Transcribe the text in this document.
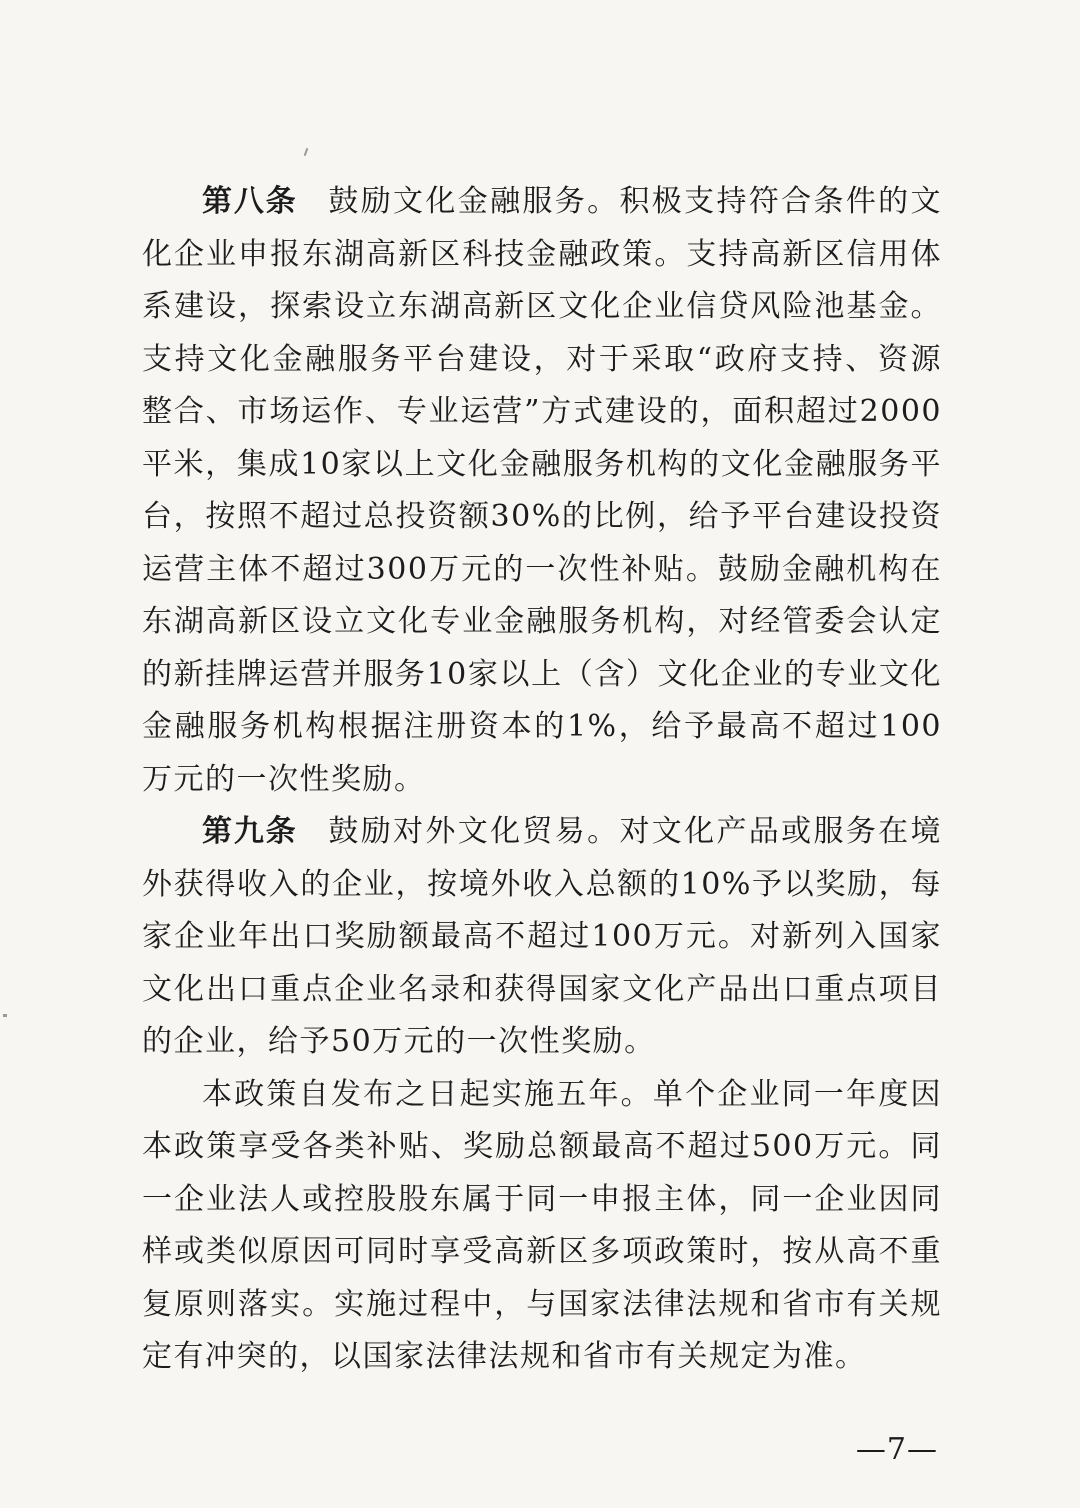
第八条 鼓励文化金融服务。积极支持符合条件的文化企业申报东湖高新区科技金融政策。支持高新区信用体系建设，探索设立东湖高新区文化企业信贷风险池基金。支持文化金融服务平台建设，对于采取“政府支持、资源整合、市场运作、专业运营”方式建设的，面积超过2000平米，集成10家以上文化金融服务机构的文化金融服务平台，按照不超过总投资额30%的比例，给予平台建设投资运营主体不超过300万元的一次性补贴。鼓励金融机构在东湖高新区设立文化专业金融服务机构，对经管委会认定的新挂牌运营并服务10家以上（含）文化企业的专业文化金融服务机构根据注册资本的1%，给予最高不超过100万元的一次性奖励。

第九条 鼓励对外文化贸易。对文化产品或服务在境外获得收入的企业，按境外收入总额的10%予以奖励，每家企业年出口奖励额最高不超过100万元。对新列入国家文化出口重点企业名录和获得国家文化产品出口重点项目的企业，给予50万元的一次性奖励。

本政策自发布之日起实施五年。单个企业同一年度因本政策享受各类补贴、奖励总额最高不超过500万元。同一企业法人或控股股东属于同一申报主体，同一企业因同样或类似原因可同时享受高新区多项政策时，按从高不重复原则落实。实施过程中，与国家法律法规和省市有关规定有冲突的，以国家法律法规和省市有关规定为准。

—7—
